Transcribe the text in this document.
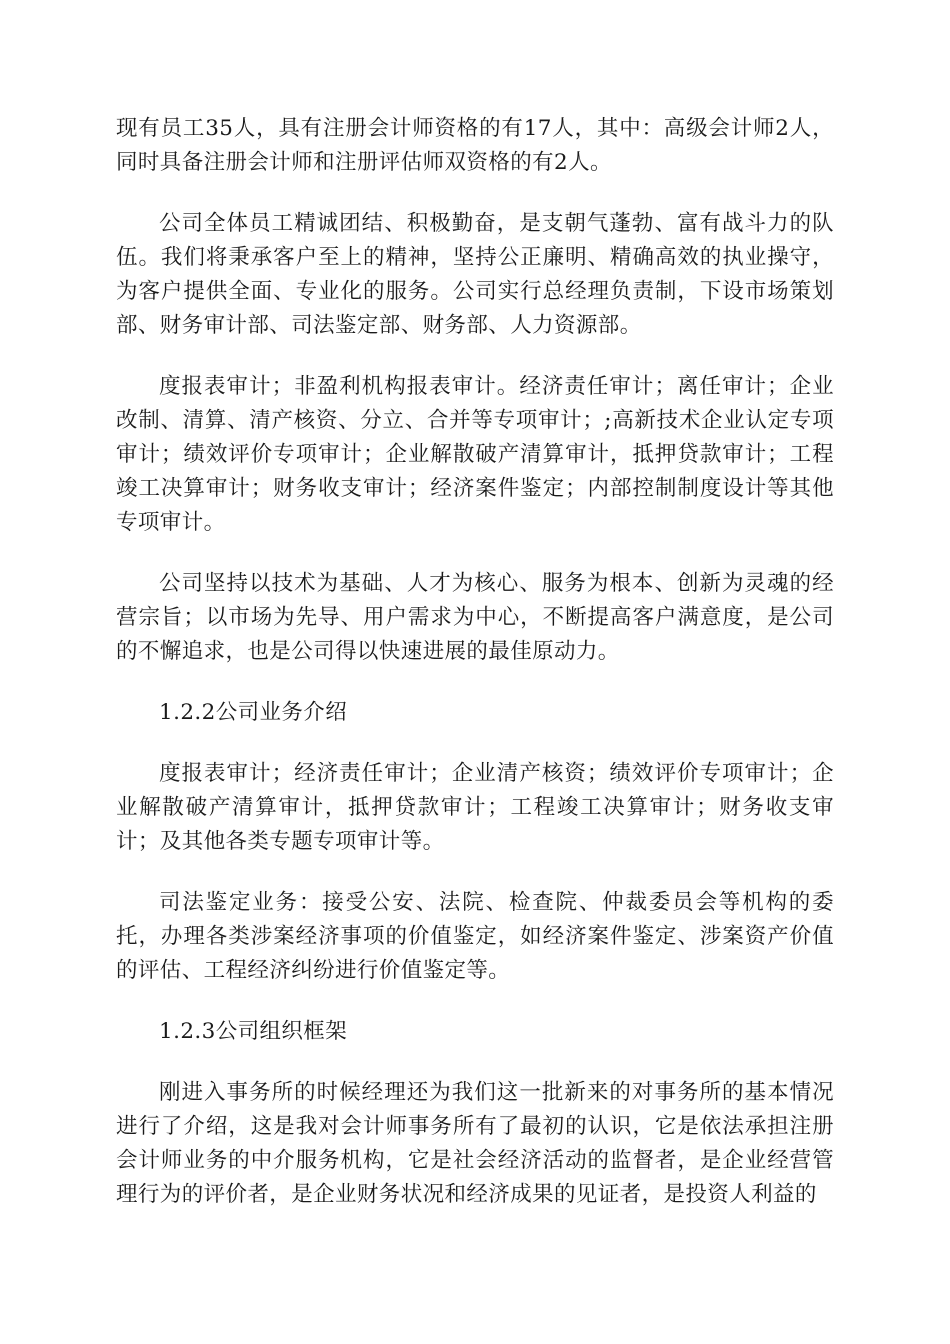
现有员工35人，具有注册会计师资格的有17人，其中：高级会计师2人，同时具备注册会计师和注册评估师双资格的有2人。

公司全体员工精诚团结、积极勤奋，是支朝气蓬勃、富有战斗力的队伍。我们将秉承客户至上的精神，坚持公正廉明、精确高效的执业操守，为客户提供全面、专业化的服务。公司实行总经理负责制，下设市场策划部、财务审计部、司法鉴定部、财务部、人力资源部。

度报表审计；非盈利机构报表审计。经济责任审计；离任审计；企业改制、清算、清产核资、分立、合并等专项审计；;高新技术企业认定专项审计；绩效评价专项审计；企业解散破产清算审计，抵押贷款审计；工程竣工决算审计；财务收支审计；经济案件鉴定；内部控制制度设计等其他专项审计。

公司坚持以技术为基础、人才为核心、服务为根本、创新为灵魂的经营宗旨；以市场为先导、用户需求为中心，不断提高客户满意度，是公司的不懈追求，也是公司得以快速进展的最佳原动力。

1.2.2公司业务介绍

度报表审计；经济责任审计；企业清产核资；绩效评价专项审计；企业解散破产清算审计，抵押贷款审计；工程竣工决算审计；财务收支审计；及其他各类专题专项审计等。

司法鉴定业务：接受公安、法院、检查院、仲裁委员会等机构的委托，办理各类涉案经济事项的价值鉴定，如经济案件鉴定、涉案资产价值的评估、工程经济纠纷进行价值鉴定等。

1.2.3公司组织框架

刚进入事务所的时候经理还为我们这一批新来的对事务所的基本情况进行了介绍，这是我对会计师事务所有了最初的认识，它是依法承担注册会计师业务的中介服务机构，它是社会经济活动的监督者，是企业经营管理行为的评价者，是企业财务状况和经济成果的见证者，是投资人利益的
